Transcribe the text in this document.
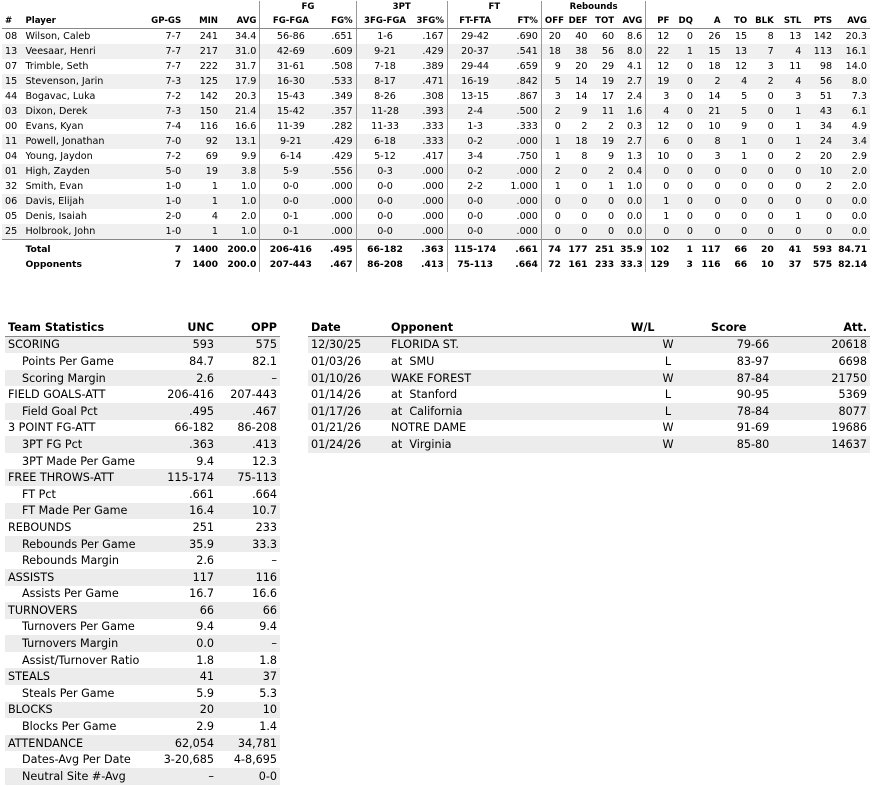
					FG		3PT		FT		Rebounds											
#	Player	GP-GS	MIN	AVG	FG-FGA	FG%	3FG-FGA	3FG%	FT-FTA	FT%	OFF	DEF	TOT	AVG	PF	DQ	A	TO	BLK	STL	PTS	AVG
08	Wilson, Caleb	7-7	241	34.4	56-86	.651	1-6	.167	29-42	.690	20	40	60	8.6	12	0	26	15	8	13	142	20.3
13	Veesaar, Henri	7-7	217	31.0	42-69	.609	9-21	.429	20-37	.541	18	38	56	8.0	22	1	15	13	7	4	113	16.1
07	Trimble, Seth	7-7	222	31.7	31-61	.508	7-18	.389	29-44	.659	9	20	29	4.1	12	0	18	12	3	11	98	14.0
15	Stevenson, Jarin	7-3	125	17.9	16-30	.533	8-17	.471	16-19	.842	5	14	19	2.7	19	0	2	4	2	4	56	8.0
44	Bogavac, Luka	7-2	142	20.3	15-43	.349	8-26	.308	13-15	.867	3	14	17	2.4	3	0	14	5	0	3	51	7.3
03	Dixon, Derek	7-3	150	21.4	15-42	.357	11-28	.393	2-4	.500	2	9	11	1.6	4	0	21	5	0	1	43	6.1
00	Evans, Kyan	7-4	116	16.6	11-39	.282	11-33	.333	1-3	.333	0	2	2	0.3	12	0	10	9	0	1	34	4.9
11	Powell, Jonathan	7-0	92	13.1	9-21	.429	6-18	.333	0-2	.000	1	18	19	2.7	6	0	8	1	0	1	24	3.4
04	Young, Jaydon	7-2	69	9.9	6-14	.429	5-12	.417	3-4	.750	1	8	9	1.3	10	0	3	1	0	2	20	2.9
01	High, Zayden	5-0	19	3.8	5-9	.556	0-3	.000	0-2	.000	2	0	2	0.4	0	0	0	0	0	0	10	2.0
32	Smith, Evan	1-0	1	1.0	0-0	.000	0-0	.000	2-2	1.000	1	0	1	1.0	0	0	0	0	0	0	2	2.0
06	Davis, Elijah	1-0	1	1.0	0-0	.000	0-0	.000	0-0	.000	0	0	0	0.0	1	0	0	0	0	0	0	0.0
05	Denis, Isaiah	2-0	4	2.0	0-1	.000	0-0	.000	0-0	.000	0	0	0	0.0	1	0	0	0	0	1	0	0.0
25	Holbrook, John	1-0	1	1.0	0-1	.000	0-0	.000	0-0	.000	0	0	0	0.0	0	0	0	0	0	0	0	0.0
	Total	7	1400	200.0	206-416	.495	66-182	.363	115-174	.661	74	177	251	35.9	102	1	117	66	20	41	593	84.71
	Opponents	7	1400	200.0	207-443	.467	86-208	.413	75-113	.664	72	161	233	33.3	129	3	116	66	10	37	575	82.14
Team Statistics	UNC	OPP
SCORING	593	575
Points Per Game	84.7	82.1
Scoring Margin	2.6	–
FIELD GOALS-ATT	206-416	207-443
Field Goal Pct	.495	.467
3 POINT FG-ATT	66-182	86-208
3PT FG Pct	.363	.413
3PT Made Per Game	9.4	12.3
FREE THROWS-ATT	115-174	75-113
FT Pct	.661	.664
FT Made Per Game	16.4	10.7
REBOUNDS	251	233
Rebounds Per Game	35.9	33.3
Rebounds Margin	2.6	–
ASSISTS	117	116
Assists Per Game	16.7	16.6
TURNOVERS	66	66
Turnovers Per Game	9.4	9.4
Turnovers Margin	0.0	–
Assist/Turnover Ratio	1.8	1.8
STEALS	41	37
Steals Per Game	5.9	5.3
BLOCKS	20	10
Blocks Per Game	2.9	1.4
ATTENDANCE	62,054	34,781
Dates-Avg Per Date	3-20,685	4-8,695
Neutral Site #-Avg	–	0-0
Date	Opponent	W/L	Score	Att.
12/30/25	FLORIDA ST.	W	79-66	20618
01/03/26	at  SMU	L	83-97	6698
01/10/26	WAKE FOREST	W	87-84	21750
01/14/26	at  Stanford	L	90-95	5369
01/17/26	at  California	L	78-84	8077
01/21/26	NOTRE DAME	W	91-69	19686
01/24/26	at  Virginia	W	85-80	14637
